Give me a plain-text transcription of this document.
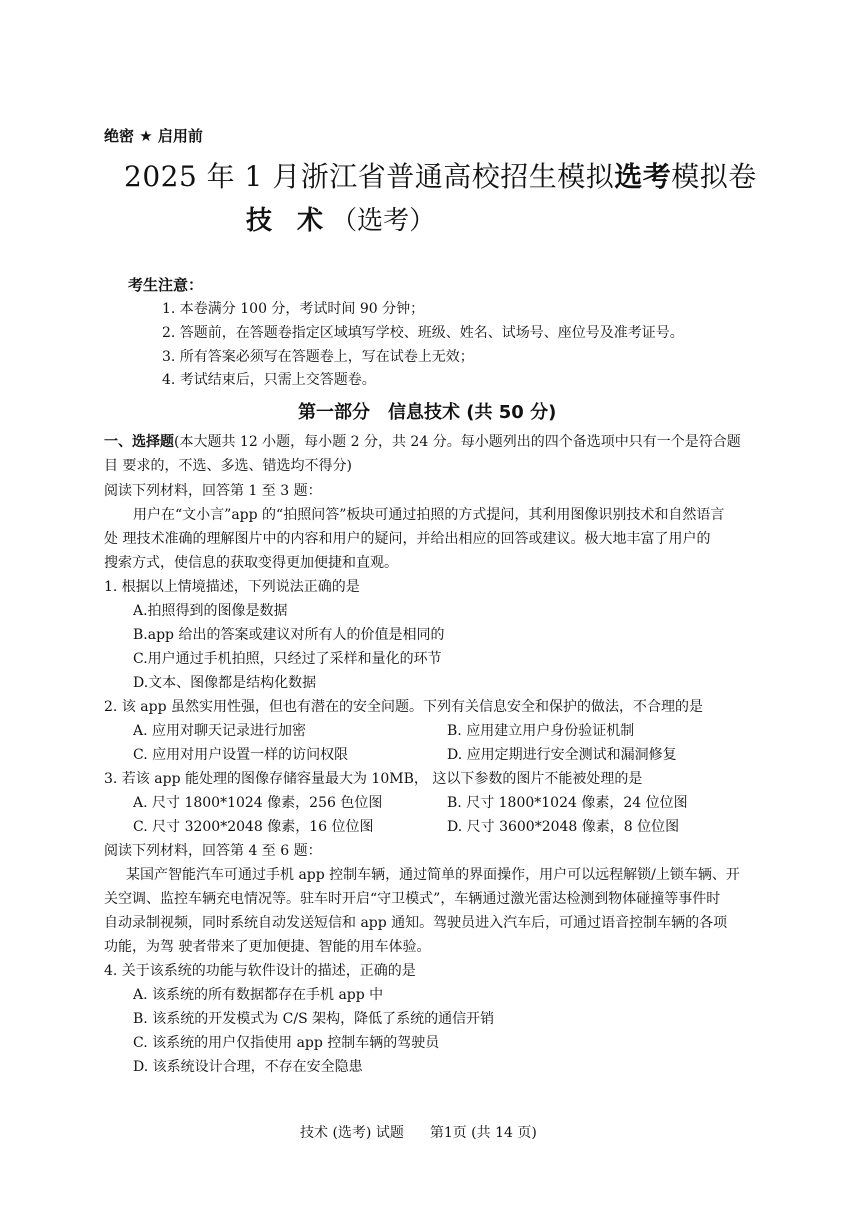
绝密 ★ 启用前
2025 年 1 月浙江省普通高校招生模拟选考模拟卷
技 术（选考）
考生注意：
1. 本卷满分 100 分，考试时间 90 分钟；
2. 答题前，在答题卷指定区域填写学校、班级、姓名、试场号、座位号及准考证号。
3. 所有答案必须写在答题卷上，写在试卷上无效；
4. 考试结束后，只需上交答题卷。
第一部分　信息技术 (共 50 分)
一、选择题(本大题共 12 小题，每小题 2 分，共 24 分。每小题列出的四个备选项中只有一个是符合题
目 要求的，不选、多选、错选均不得分)
阅读下列材料，回答第 1 至 3 题：
用户在“文小言”app 的“拍照问答”板块可通过拍照的方式提问，其利用图像识别技术和自然语言
处 理技术准确的理解图片中的内容和用户的疑问，并给出相应的回答或建议。极大地丰富了用户的
搜索方式，使信息的获取变得更加便捷和直观。
1. 根据以上情境描述，下列说法正确的是
A.拍照得到的图像是数据
B.app 给出的答案或建议对所有人的价值是相同的
C.用户通过手机拍照，只经过了采样和量化的环节
D.文本、图像都是结构化数据
2. 该 app 虽然实用性强，但也有潜在的安全问题。下列有关信息安全和保护的做法，不合理的是
A. 应用对聊天记录进行加密	B. 应用建立用户身份验证机制
C. 应用对用户设置一样的访问权限	D. 应用定期进行安全测试和漏洞修复
3. 若该 app 能处理的图像存储容量最大为 10MB， 这以下参数的图片不能被处理的是
A. 尺寸 1800*1024 像素，256 色位图	B. 尺寸 1800*1024 像素，24 位位图
C. 尺寸 3200*2048 像素，16 位位图	D. 尺寸 3600*2048 像素，8 位位图
阅读下列材料，回答第 4 至 6 题：
某国产智能汽车可通过手机 app 控制车辆，通过简单的界面操作，用户可以远程解锁/上锁车辆、开
关空调、监控车辆充电情况等。驻车时开启“守卫模式”，车辆通过激光雷达检测到物体碰撞等事件时
自动录制视频，同时系统自动发送短信和 app 通知。驾驶员进入汽车后，可通过语音控制车辆的各项
功能，为驾 驶者带来了更加便捷、智能的用车体验。
4. 关于该系统的功能与软件设计的描述，正确的是
A. 该系统的所有数据都存在手机 app 中
B. 该系统的开发模式为 C/S 架构，降低了系统的通信开销
C. 该系统的用户仅指使用 app 控制车辆的驾驶员
D. 该系统设计合理，不存在安全隐患
技术 (选考) 试题 第1页 (共 14 页)
